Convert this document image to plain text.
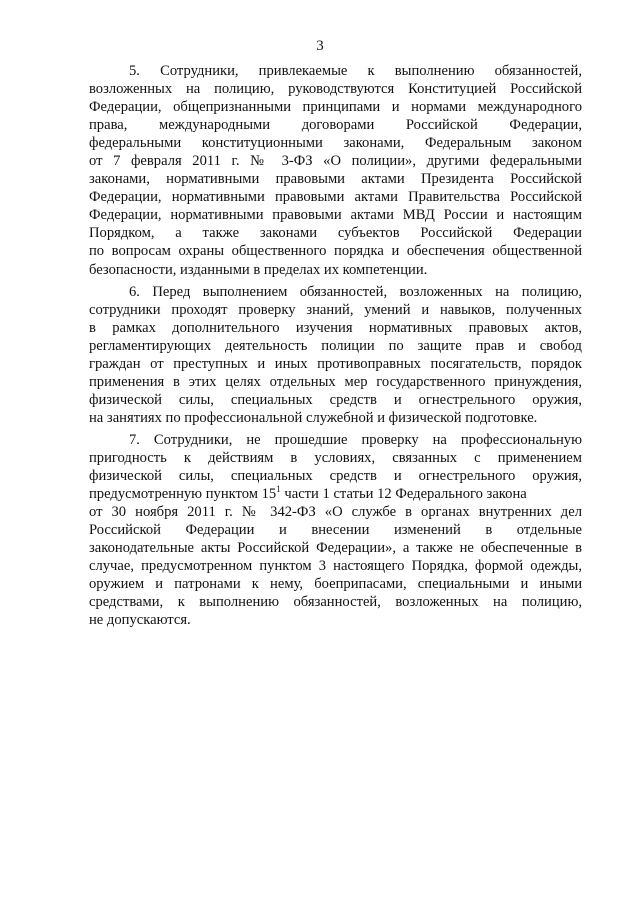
3
5. Сотрудники, привлекаемые к выполнению обязанностей,
возложенных на полицию, руководствуются Конституцией Российской
Федерации, общепризнанными принципами и нормами международного
права, международными договорами Российской Федерации,
федеральными конституционными законами, Федеральным законом
от 7 февраля 2011 г. № 3-ФЗ «О полиции», другими федеральными
законами, нормативными правовыми актами Президента Российской
Федерации, нормативными правовыми актами Правительства Российской
Федерации, нормативными правовыми актами МВД России и настоящим
Порядком, а также законами субъектов Российской Федерации
по вопросам охраны общественного порядка и обеспечения общественной
безопасности, изданными в пределах их компетенции.
6. Перед выполнением обязанностей, возложенных на полицию,
сотрудники проходят проверку знаний, умений и навыков, полученных
в рамках дополнительного изучения нормативных правовых актов,
регламентирующих деятельность полиции по защите прав и свобод
граждан от преступных и иных противоправных посягательств, порядок
применения в этих целях отдельных мер государственного принуждения,
физической силы, специальных средств и огнестрельного оружия,
на занятиях по профессиональной служебной и физической подготовке.
7. Сотрудники, не прошедшие проверку на профессиональную
пригодность к действиям в условиях, связанных с применением
физической силы, специальных средств и огнестрельного оружия,
предусмотренную пунктом $15^1$ части 1 статьи 12 Федерального закона
от 30 ноября 2011 г. № 342-ФЗ «О службе в органах внутренних дел
Российской Федерации и внесении изменений в отдельные
законодательные акты Российской Федерации», а также не обеспеченные в
случае, предусмотренном пунктом 3 настоящего Порядка, формой одежды,
оружием и патронами к нему, боеприпасами, специальными и иными
средствами, к выполнению обязанностей, возложенных на полицию,
не допускаются.
